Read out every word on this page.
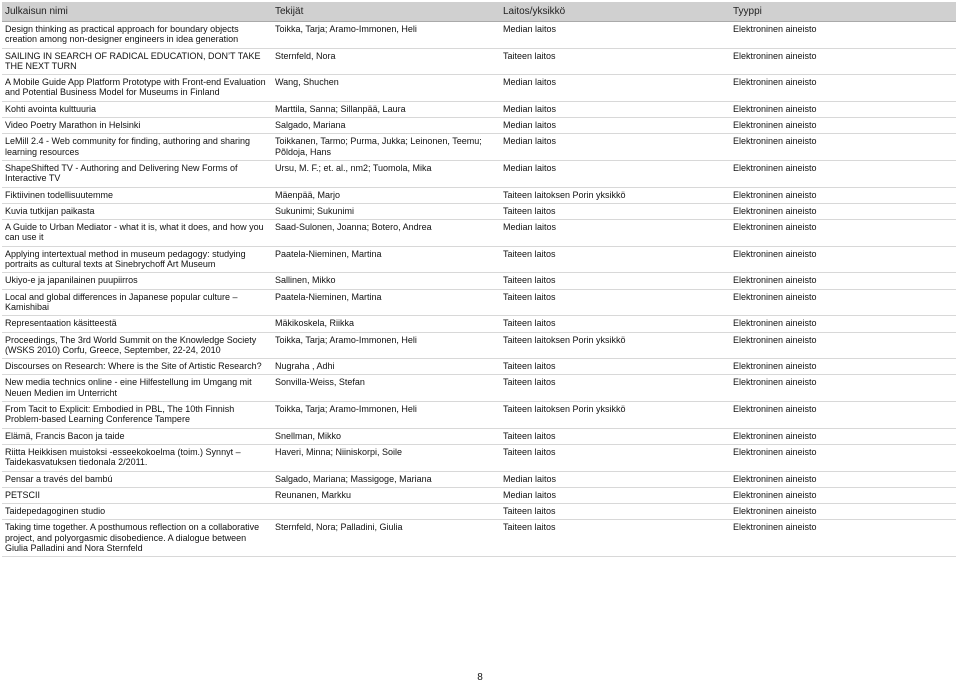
Julkaisun nimi	Tekijät	Laitos/yksikkö	Tyyppi
Design thinking as practical approach for boundary objects creation among non-designer engineers in idea generation	Toikka, Tarja; Aramo-Immonen, Heli	Median laitos	Elektroninen aineisto
SAILING IN SEARCH OF RADICAL EDUCATION, DON’T TAKE THE NEXT TURN	Sternfeld, Nora	Taiteen laitos	Elektroninen aineisto
A Mobile Guide App Platform Prototype with Front-end Evaluation and Potential Business Model for Museums in Finland	Wang, Shuchen	Median laitos	Elektroninen aineisto
Kohti avointa kulttuuria	Marttila, Sanna; Sillanpää, Laura	Median laitos	Elektroninen aineisto
Video Poetry Marathon in Helsinki	Salgado, Mariana	Median laitos	Elektroninen aineisto
LeMill 2.4 - Web community for finding, authoring and sharing learning resources	Toikkanen, Tarmo; Purma, Jukka; Leinonen, Teemu; Põldoja, Hans	Median laitos	Elektroninen aineisto
ShapeShifted TV - Authoring and Delivering New Forms of Interactive TV	Ursu, M. F.; et. al., nm2; Tuomola, Mika	Median laitos	Elektroninen aineisto
Fiktiivinen todellisuutemme	Mäenpää, Marjo	Taiteen laitoksen Porin yksikkö	Elektroninen aineisto
Kuvia tutkijan paikasta	Sukunimi; Sukunimi	Taiteen laitos	Elektroninen aineisto
A Guide to Urban Mediator - what it is, what it does, and how you can use it	Saad-Sulonen, Joanna; Botero, Andrea	Median laitos	Elektroninen aineisto
Applying intertextual method in museum pedagogy: studying portraits as cultural texts at Sinebrychoff Art Museum	Paatela-Nieminen, Martina	Taiteen laitos	Elektroninen aineisto
Ukiyo-e ja japanilainen puupiirros	Sallinen, Mikko	Taiteen laitos	Elektroninen aineisto
Local and global differences in Japanese popular culture – Kamishibai	Paatela-Nieminen, Martina	Taiteen laitos	Elektroninen aineisto
Representaation käsitteestä	Mäkikoskela, Riikka	Taiteen laitos	Elektroninen aineisto
Proceedings, The 3rd World Summit on the Knowledge Society (WSKS 2010) Corfu, Greece, September, 22-24, 2010	Toikka, Tarja; Aramo-Immonen, Heli	Taiteen laitoksen Porin yksikkö	Elektroninen aineisto
Discourses on Research: Where is the Site of Artistic Research?	Nugraha , Adhi	Taiteen laitos	Elektroninen aineisto
New media technics online - eine Hilfestellung im Umgang mit Neuen Medien im Unterricht	Sonvilla-Weiss, Stefan	Taiteen laitos	Elektroninen aineisto
From Tacit to Explicit: Embodied in PBL, The 10th Finnish Problem-based Learning Conference Tampere	Toikka, Tarja; Aramo-Immonen, Heli	Taiteen laitoksen Porin yksikkö	Elektroninen aineisto
Elämä, Francis Bacon ja taide	Snellman, Mikko	Taiteen laitos	Elektroninen aineisto
Riitta Heikkisen muistoksi -esseekokoelma (toim.) Synnyt –Taidekasvatuksen tiedonala 2/2011.	Haveri, Minna; Niiniskorpi, Soile	Taiteen laitos	Elektroninen aineisto
Pensar a través del bambú	Salgado, Mariana; Massigoge, Mariana	Median laitos	Elektroninen aineisto
PETSCII	Reunanen, Markku	Median laitos	Elektroninen aineisto
Taidepedagoginen studio		Taiteen laitos	Elektroninen aineisto
Taking time together. A posthumous reflection on a collaborative project, and polyorgasmic disobedience. A dialogue between Giulia Palladini and Nora Sternfeld	Sternfeld, Nora; Palladini, Giulia	Taiteen laitos	Elektroninen aineisto
8
